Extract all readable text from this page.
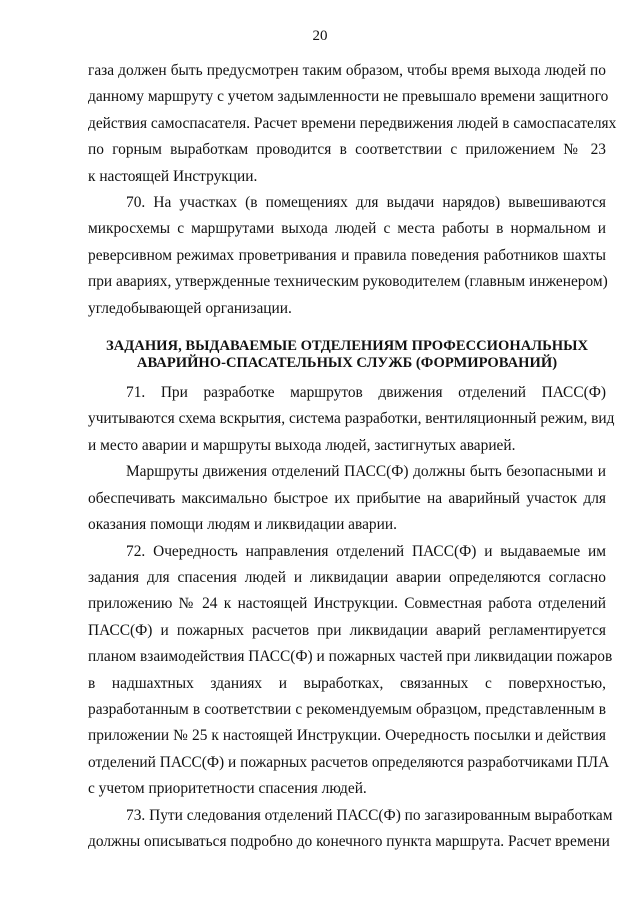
20

газа должен быть предусмотрен таким образом, чтобы время выхода людей по
данному маршруту с учетом задымленности не превышало времени защитного
действия самоспасателя. Расчет времени передвижения людей в самоспасателях
по горным выработкам проводится в соответствии с приложением № 23
к настоящей Инструкции.

70. На участках (в помещениях для выдачи нарядов) вывешиваются
микросхемы с маршрутами выхода людей с места работы в нормальном и
реверсивном режимах проветривания и правила поведения работников шахты
при авариях, утвержденные техническим руководителем (главным инженером)
угледобывающей организации.

ЗАДАНИЯ, ВЫДАВАЕМЫЕ ОТДЕЛЕНИЯМ ПРОФЕССИОНАЛЬНЫХ
АВАРИЙНО-СПАСАТЕЛЬНЫХ СЛУЖБ (ФОРМИРОВАНИЙ)

71. При разработке маршрутов движения отделений ПАСС(Ф)
учитываются схема вскрытия, система разработки, вентиляционный режим, вид
и место аварии и маршруты выхода людей, застигнутых аварией.

Маршруты движения отделений ПАСС(Ф) должны быть безопасными и
обеспечивать максимально быстрое их прибытие на аварийный участок для
оказания помощи людям и ликвидации аварии.

72. Очередность направления отделений ПАСС(Ф) и выдаваемые им
задания для спасения людей и ликвидации аварии определяются согласно
приложению № 24 к настоящей Инструкции. Совместная работа отделений
ПАСС(Ф) и пожарных расчетов при ликвидации аварий регламентируется
планом взаимодействия ПАСС(Ф) и пожарных частей при ликвидации пожаров
в надшахтных зданиях и выработках, связанных с поверхностью,
разработанным в соответствии с рекомендуемым образцом, представленным в
приложении № 25 к настоящей Инструкции. Очередность посылки и действия
отделений ПАСС(Ф) и пожарных расчетов определяются разработчиками ПЛА
с учетом приоритетности спасения людей.

73. Пути следования отделений ПАСС(Ф) по загазированным выработкам
должны описываться подробно до конечного пункта маршрута. Расчет времени
